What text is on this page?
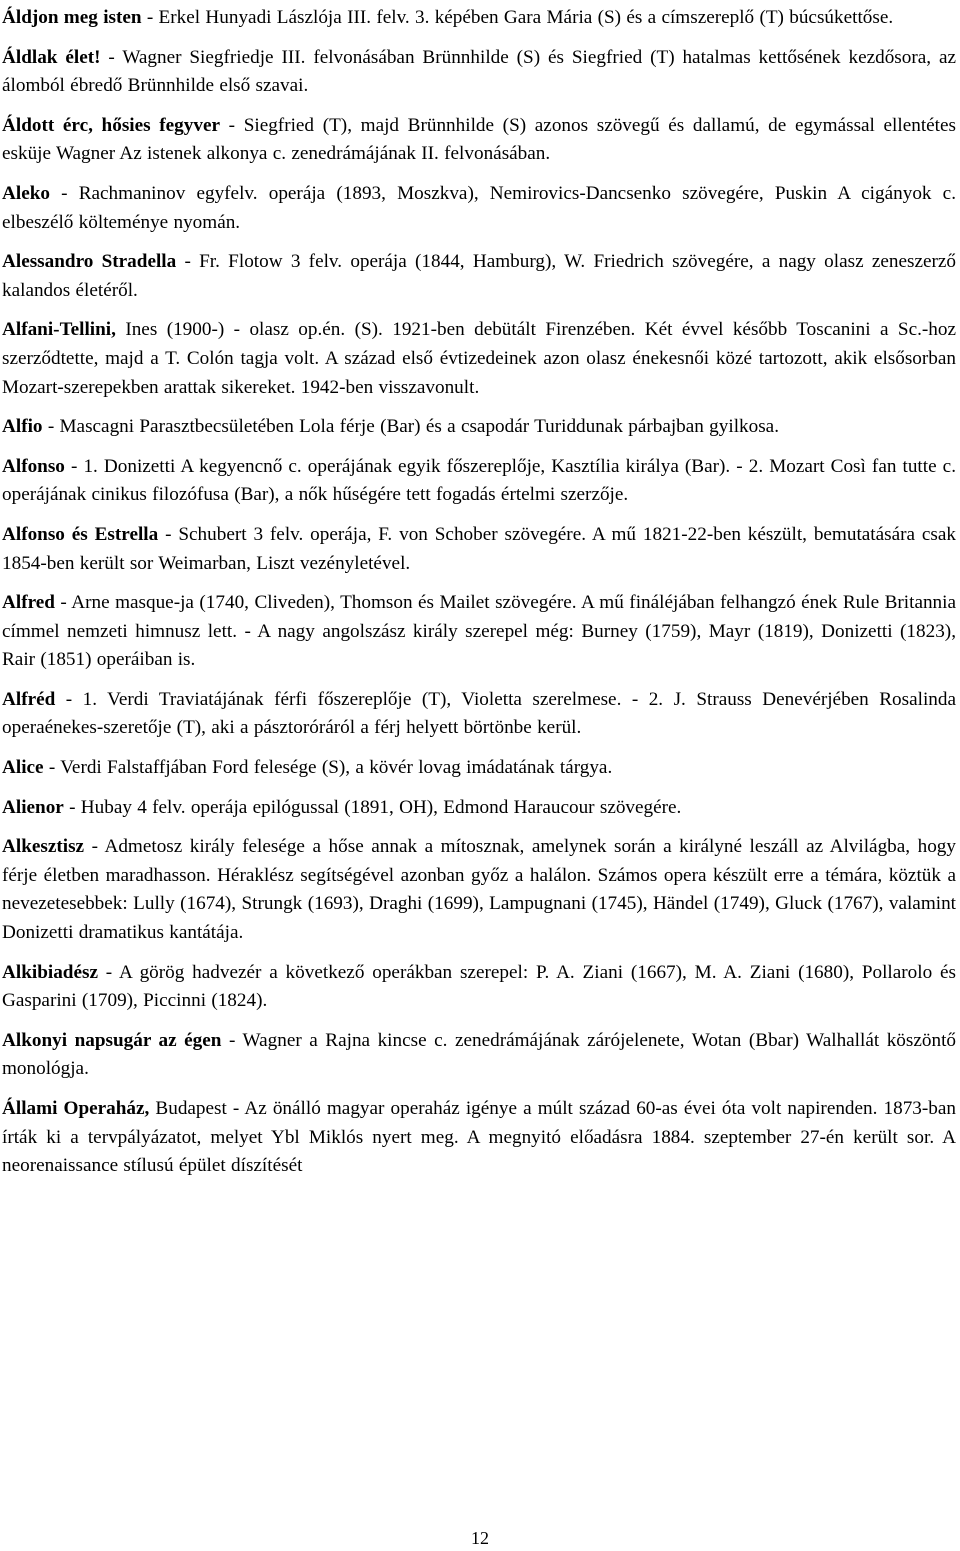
Áldjon meg isten - Erkel Hunyadi Lászlója III. felv. 3. képében Gara Mária (S) és a címszereplő (T) búcsúkettőse.

Áldlak élet! - Wagner Siegfriedje III. felvonásában Brünnhilde (S) és Siegfried (T) hatalmas kettősének kezdősora, az álomból ébredő Brünnhilde első szavai.

Áldott érc, hősies fegyver - Siegfried (T), majd Brünnhilde (S) azonos szövegű és dallamú, de egymással ellentétes esküje Wagner Az istenek alkonya c. zenedrámájának II. felvonásában.

Aleko - Rachmaninov egyfelv. operája (1893, Moszkva), Nemirovics-Dancsenko szövegére, Puskin A cigányok c. elbeszélő költeménye nyomán.

Alessandro Stradella - Fr. Flotow 3 felv. operája (1844, Hamburg), W. Friedrich szövegére, a nagy olasz zeneszerző kalandos életéről.

Alfani-Tellini, Ines (1900-) - olasz op.én. (S). 1921-ben debütált Firenzében. Két évvel később Toscanini a Sc.-hoz szerződtette, majd a T. Colón tagja volt. A század első évtizedeinek azon olasz énekesnői közé tartozott, akik elsősorban Mozart-szerepekben arattak sikereket. 1942-ben visszavonult.

Alfio - Mascagni Parasztbecsületében Lola férje (Bar) és a csapodár Turiddunak párbajban gyilkosa.

Alfonso - 1. Donizetti A kegyencnő c. operájának egyik főszereplője, Kasztília királya (Bar). - 2. Mozart Così fan tutte c. operájának cinikus filozófusa (Bar), a nők hűségére tett fogadás értelmi szerzője.

Alfonso és Estrella - Schubert 3 felv. operája, F. von Schober szövegére. A mű 1821-22-ben készült, bemutatására csak 1854-ben került sor Weimarban, Liszt vezényletével.

Alfred - Arne masque-ja (1740, Cliveden), Thomson és Mailet szövegére. A mű fináléjában felhangzó ének Rule Britannia címmel nemzeti himnusz lett. - A nagy angolszász király szerepel még: Burney (1759), Mayr (1819), Donizetti (1823), Rair (1851) operáiban is.

Alfréd - 1. Verdi Traviatájának férfi főszereplője (T), Violetta szerelmese. - 2. J. Strauss Denevérjében Rosalinda operaénekes-szeretője (T), aki a pásztoróráról a férj helyett börtönbe kerül.

Alice - Verdi Falstaffjában Ford felesége (S), a kövér lovag imádatának tárgya.

Alienor - Hubay 4 felv. operája epilógussal (1891, OH), Edmond Haraucour szövegére.

Alkesztisz - Admetosz király felesége a hőse annak a mítosznak, amelynek során a királyné leszáll az Alvilágba, hogy férje életben maradhasson. Héraklész segítségével azonban győz a halálon. Számos opera készült erre a témára, köztük a nevezetesebbek: Lully (1674), Strungk (1693), Draghi (1699), Lampugnani (1745), Händel (1749), Gluck (1767), valamint Donizetti dramatikus kantátája.

Alkibiadész - A görög hadvezér a következő operákban szerepel: P. A. Ziani (1667), M. A. Ziani (1680), Pollarolo és Gasparini (1709), Piccinni (1824).

Alkonyi napsugár az égen - Wagner a Rajna kincse c. zenedrámájának zárójelenete, Wotan (Bbar) Walhallát köszöntő monológja.

Állami Operaház, Budapest - Az önálló magyar operaház igénye a múlt század 60-as évei óta volt napirenden. 1873-ban írták ki a tervpályázatot, melyet Ybl Miklós nyert meg. A megnyitó előadásra 1884. szeptember 27-én került sor. A neorenaissance stílusú épület díszítését

12
